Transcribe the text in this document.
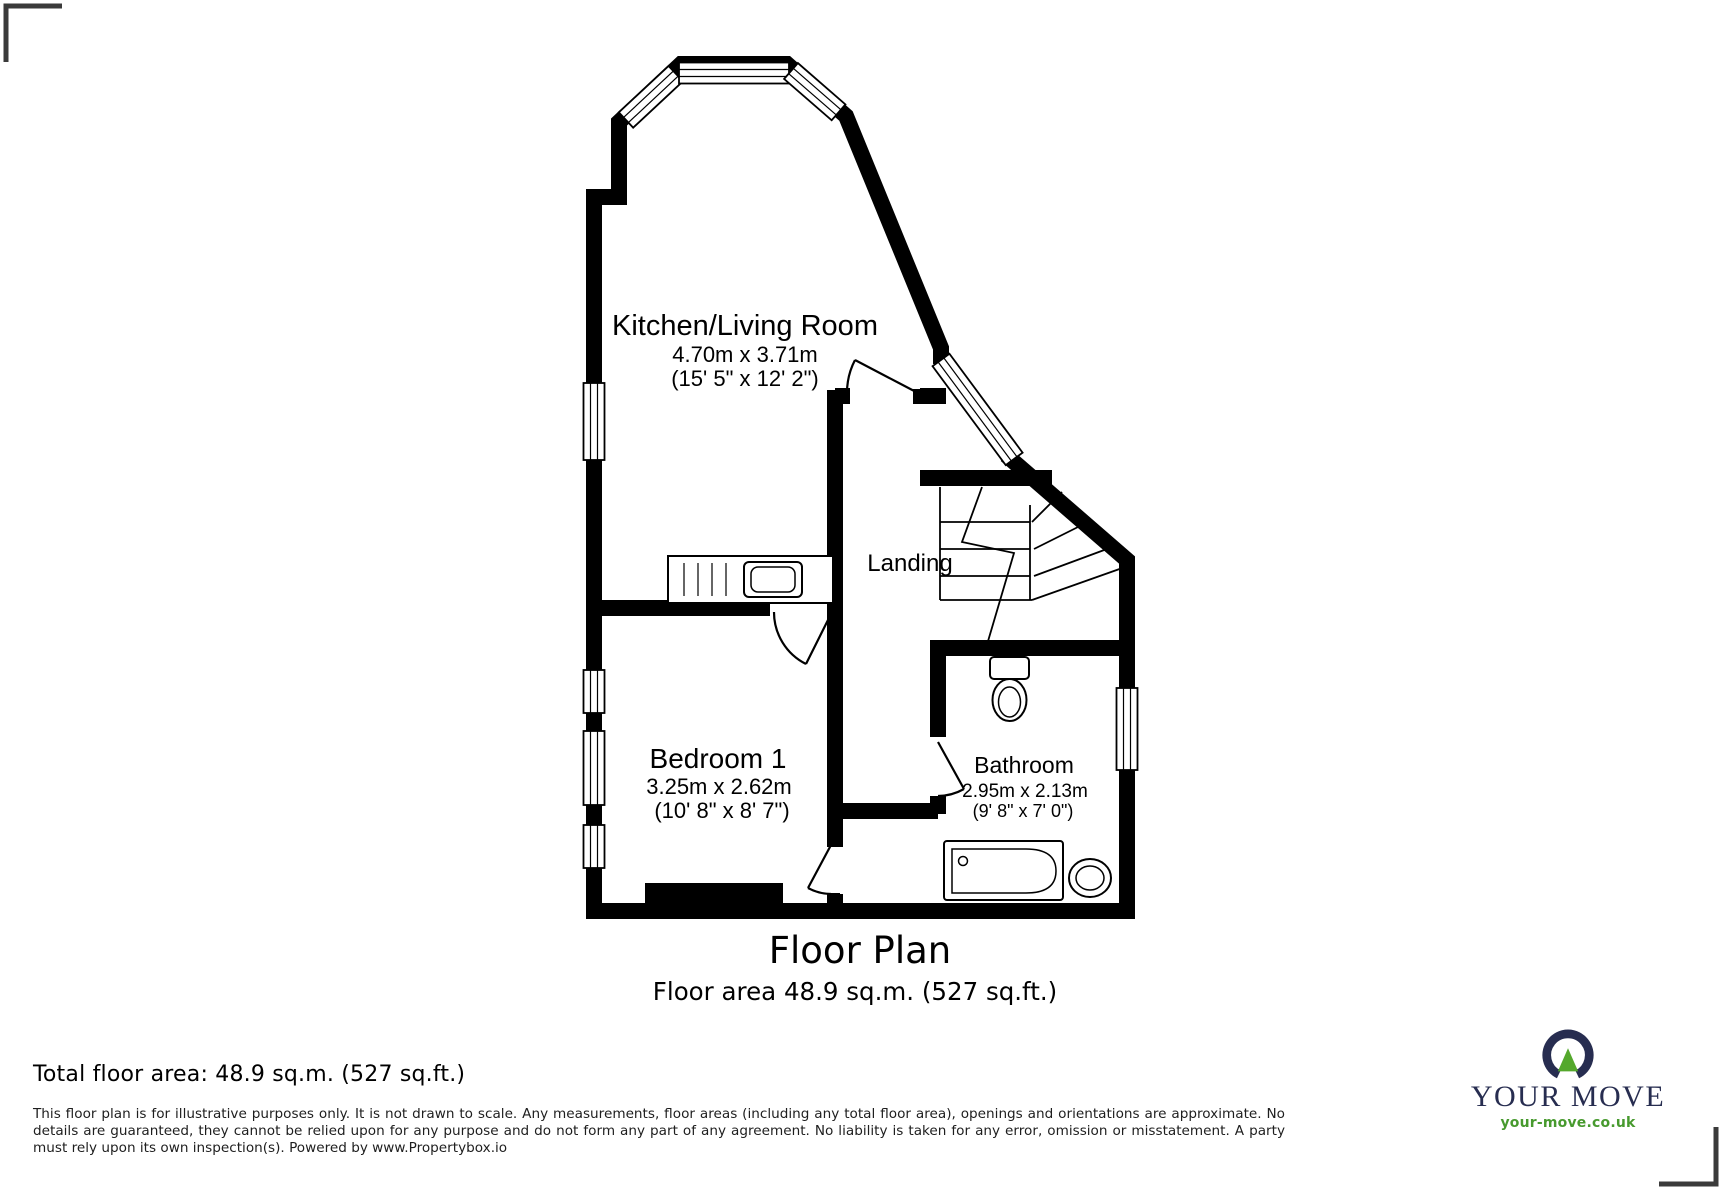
Kitchen/Living Room
4.70m x 3.71m
(15' 5" x 12' 2")
Landing
Bedroom 1
3.25m x 2.62m
(10' 8" x 8' 7")
Bathroom
2.95m x 2.13m
(9' 8" x 7' 0")
Floor Plan
Floor area 48.9 sq.m. (527 sq.ft.)
Total floor area: 48.9 sq.m. (527 sq.ft.)
This floor plan is for illustrative purposes only. It is not drawn to scale. Any measurements, floor areas (including any total floor area), openings and orientations are approximate. No details are guaranteed, they cannot be relied upon for any purpose and do not form any part of any agreement. No liability is taken for any error, omission or misstatement. A party must rely upon its own inspection(s). Powered by www.Propertybox.io
YOUR MOVE
your-move.co.uk
